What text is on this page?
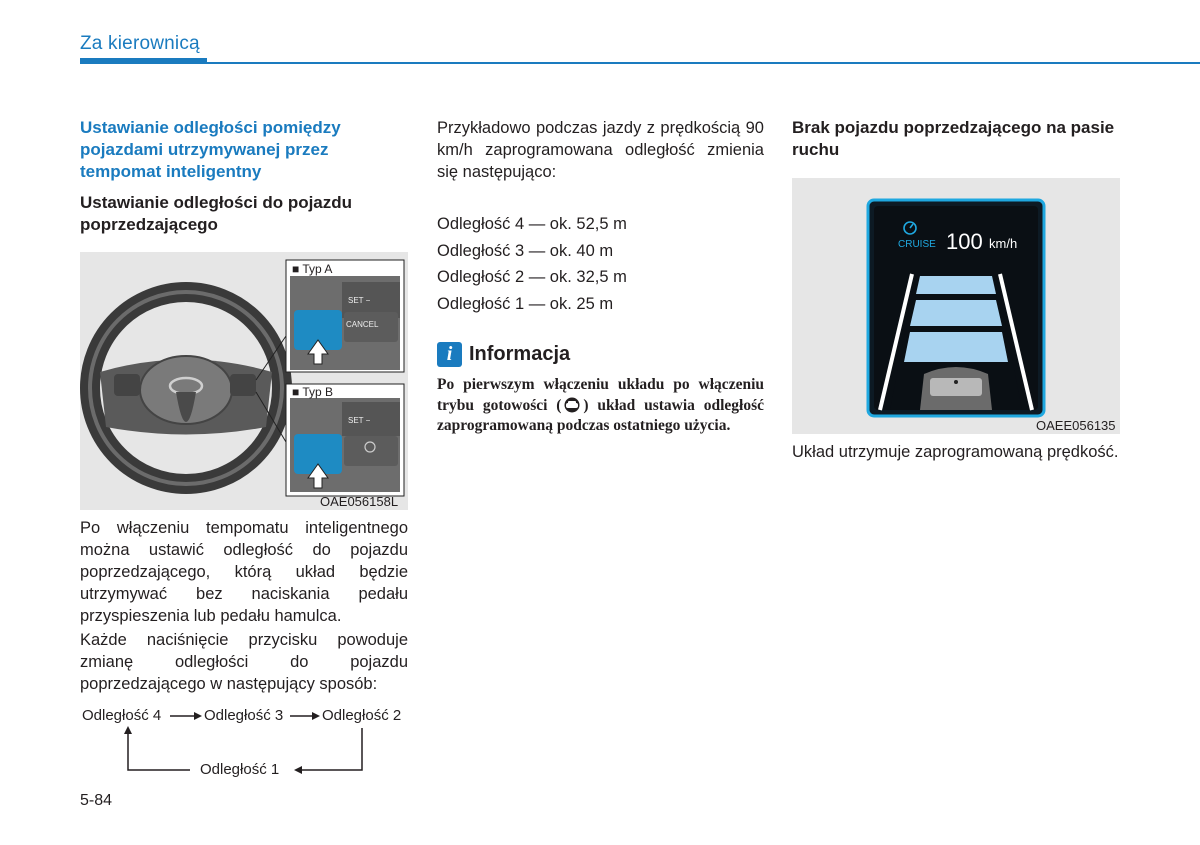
Za kierownicą
Ustawianie odległości pomiędzy pojazdami utrzymywanej przez tempomat inteligentny
Ustawianie odległości do pojazdu poprzedzającego
■ Typ A
■ Typ B
CANCEL
SET −
SET −
OAE056158L
Po włączeniu tempomatu inteligentnego można ustawić odległość do pojazdu poprzedzającego, którą układ będzie utrzymywać bez naciskania pedału przyspieszenia lub pedału hamulca.
Każde naciśnięcie przycisku powoduje zmianę odległości do pojazdu poprzedzającego w następujący sposób:
Odległość 4	Odległość 3	Odległość 2
Odległość 1
Przykładowo podczas jazdy z prędkością 90 km/h zaprogramowana odległość zmienia się następująco:
Odległość 4 — ok. 52,5 m
Odległość 3 — ok. 40 m
Odległość 2 — ok. 32,5 m
Odległość 1 — ok. 25 m
i Informacja
Po pierwszym włączeniu układu po włączeniu trybu gotowości ( ) układ ustawia odległość zaprogramowaną podczas ostatniego użycia.
Brak pojazdu poprzedzającego na pasie ruchu
CRUISE 100 km/h
OAEE056135
Układ utrzymuje zaprogramowaną prędkość.
5-84
